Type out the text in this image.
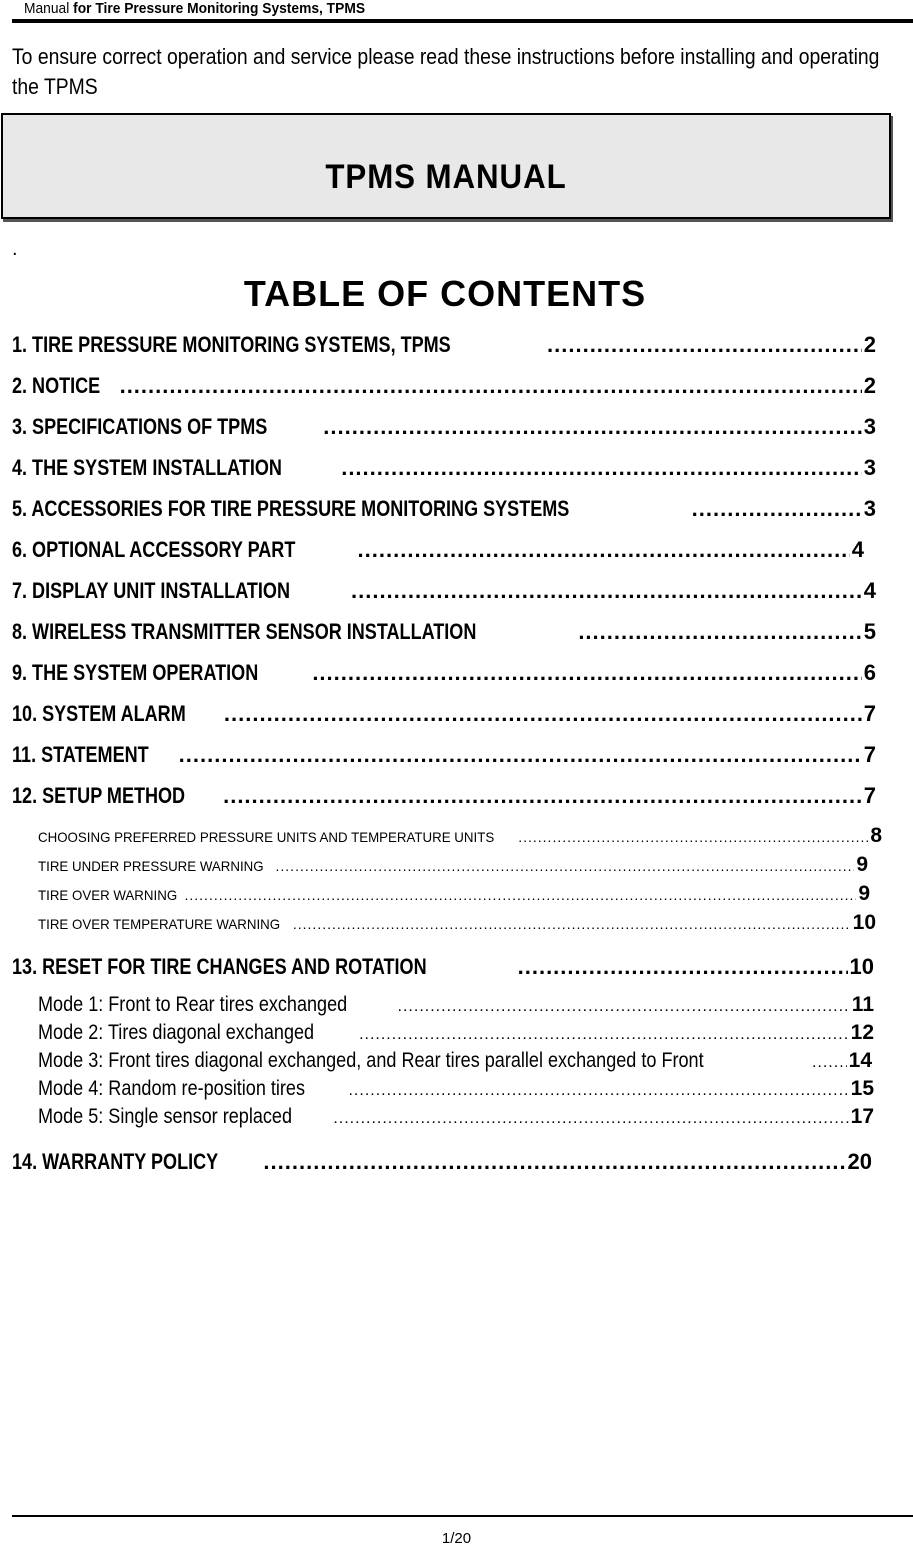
Manual for Tire Pressure Monitoring Systems, TPMS
To ensure correct operation and service please read these instructions before installing and operating the TPMS
TPMS MANUAL
.
TABLE OF CONTENTS
1. TIRE PRESSURE MONITORING SYSTEMS, TPMS .....	2
2. NOTICE .....	2
3. SPECIFICATIONS OF TPMS .....	3
4. THE SYSTEM INSTALLATION .....	3
5. ACCESSORIES FOR TIRE PRESSURE MONITORING SYSTEMS .....	3
6. OPTIONAL ACCESSORY PART .....	4
7. DISPLAY UNIT INSTALLATION .....	4
8. WIRELESS TRANSMITTER SENSOR INSTALLATION .....	5
9. THE SYSTEM OPERATION .....	6
10. SYSTEM ALARM .....	7
11. STATEMENT .....	7
12. SETUP METHOD .....	7
CHOOSING PREFERRED PRESSURE UNITS AND TEMPERATURE UNITS .....	8
TIRE UNDER PRESSURE WARNING .....	9
TIRE OVER WARNING .....	9
TIRE OVER TEMPERATURE WARNING .....	10
13. RESET FOR TIRE CHANGES AND ROTATION .....	10
Mode 1: Front to Rear tires exchanged .....	11
Mode 2: Tires diagonal exchanged .....	12
Mode 3: Front tires diagonal exchanged, and Rear tires parallel exchanged to Front .....	14
Mode 4: Random re-position tires .....	15
Mode 5: Single sensor replaced .....	17
14. WARRANTY POLICY .....	20
1/20
